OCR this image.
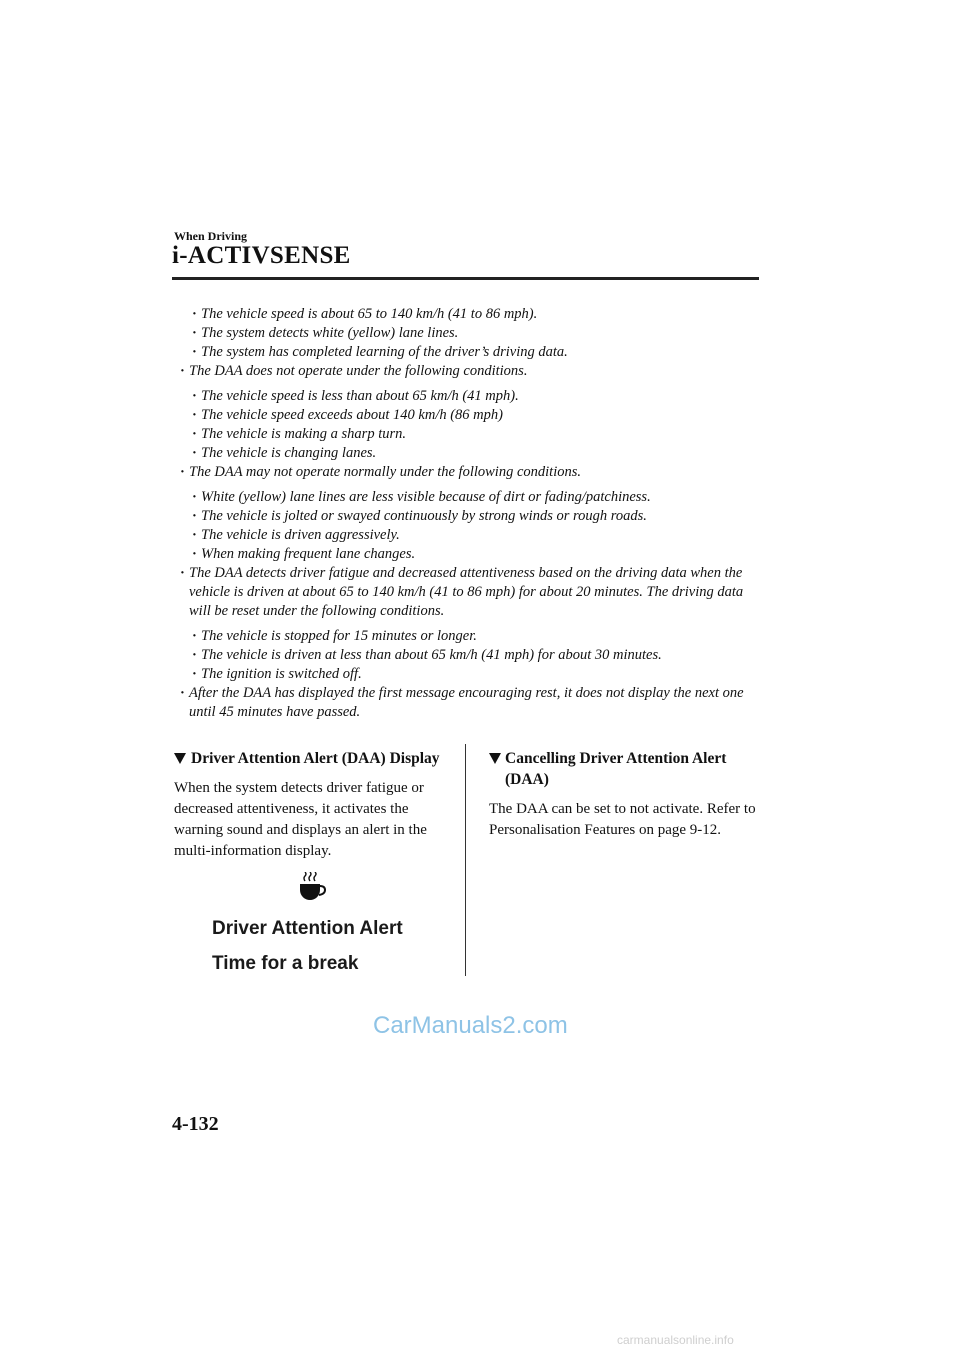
When Driving
i-ACTIVSENSE
· The vehicle speed is about 65 to 140 km/h (41 to 86 mph).
· The system detects white (yellow) lane lines.
· The system has completed learning of the driver’s driving data.
· The DAA does not operate under the following conditions.
· The vehicle speed is less than about 65 km/h (41 mph).
· The vehicle speed exceeds about 140 km/h (86 mph)
· The vehicle is making a sharp turn.
· The vehicle is changing lanes.
· The DAA may not operate normally under the following conditions.
· White (yellow) lane lines are less visible because of dirt or fading/patchiness.
· The vehicle is jolted or swayed continuously by strong winds or rough roads.
· The vehicle is driven aggressively.
· When making frequent lane changes.
· The DAA detects driver fatigue and decreased attentiveness based on the driving data when the vehicle is driven at about 65 to 140 km/h (41 to 86 mph) for about 20 minutes. The driving data will be reset under the following conditions.
· The vehicle is stopped for 15 minutes or longer.
· The vehicle is driven at less than about 65 km/h (41 mph) for about 30 minutes.
· The ignition is switched off.
· After the DAA has displayed the first message encouraging rest, it does not display the next one until 45 minutes have passed.
Driver Attention Alert (DAA) Display
When the system detects driver fatigue or decreased attentiveness, it activates the warning sound and displays an alert in the multi-information display.
Driver Attention Alert
Time for a break
Cancelling Driver Attention Alert (DAA)
The DAA can be set to not activate. Refer to Personalisation Features on page 9-12.
CarManuals2.com
4-132
carmanualsonline.info
